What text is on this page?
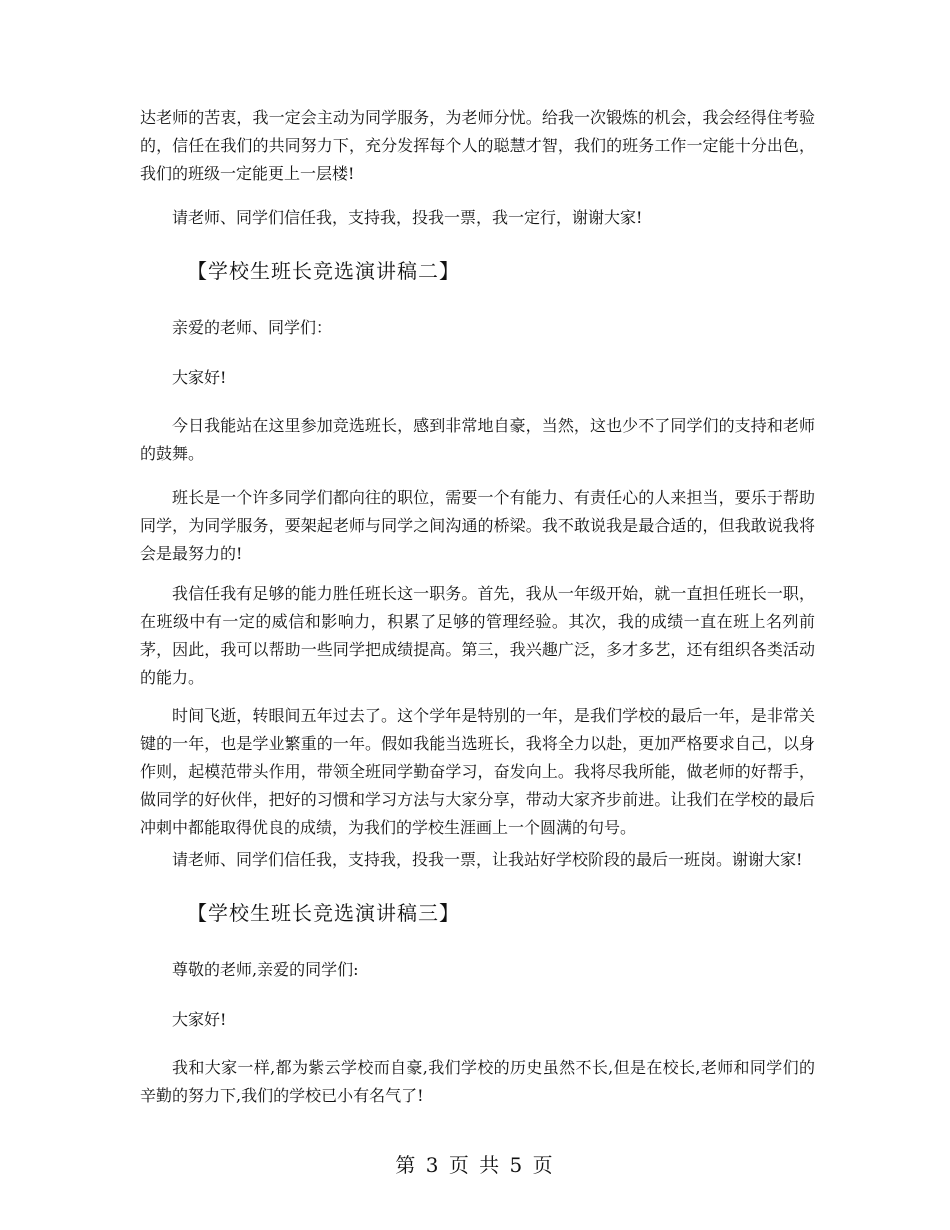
达老师的苦衷，我一定会主动为同学服务，为老师分忧。给我一次锻炼的机会，我会经得住考验的，信任在我们的共同努力下，充分发挥每个人的聪慧才智，我们的班务工作一定能十分出色，我们的班级一定能更上一层楼!

请老师、同学们信任我，支持我，投我一票，我一定行，谢谢大家!

【学校生班长竞选演讲稿二】

亲爱的老师、同学们：

大家好!

今日我能站在这里参加竞选班长，感到非常地自豪，当然，这也少不了同学们的支持和老师的鼓舞。

班长是一个许多同学们都向往的职位，需要一个有能力、有责任心的人来担当，要乐于帮助同学，为同学服务，要架起老师与同学之间沟通的桥梁。我不敢说我是最合适的，但我敢说我将会是最努力的!

我信任我有足够的能力胜任班长这一职务。首先，我从一年级开始，就一直担任班长一职，在班级中有一定的威信和影响力，积累了足够的管理经验。其次，我的成绩一直在班上名列前茅，因此，我可以帮助一些同学把成绩提高。第三，我兴趣广泛，多才多艺，还有组织各类活动的能力。

时间飞逝，转眼间五年过去了。这个学年是特别的一年，是我们学校的最后一年，是非常关键的一年，也是学业繁重的一年。假如我能当选班长，我将全力以赴，更加严格要求自己，以身作则，起模范带头作用，带领全班同学勤奋学习，奋发向上。我将尽我所能，做老师的好帮手，做同学的好伙伴，把好的习惯和学习方法与大家分享，带动大家齐步前进。让我们在学校的最后冲刺中都能取得优良的成绩，为我们的学校生涯画上一个圆满的句号。

请老师、同学们信任我，支持我，投我一票，让我站好学校阶段的最后一班岗。谢谢大家!

【学校生班长竞选演讲稿三】

尊敬的老师,亲爱的同学们:

大家好!

我和大家一样,都为紫云学校而自豪,我们学校的历史虽然不长,但是在校长,老师和同学们的辛勤的努力下,我们的学校已小有名气了!

第 3 页 共 5 页
